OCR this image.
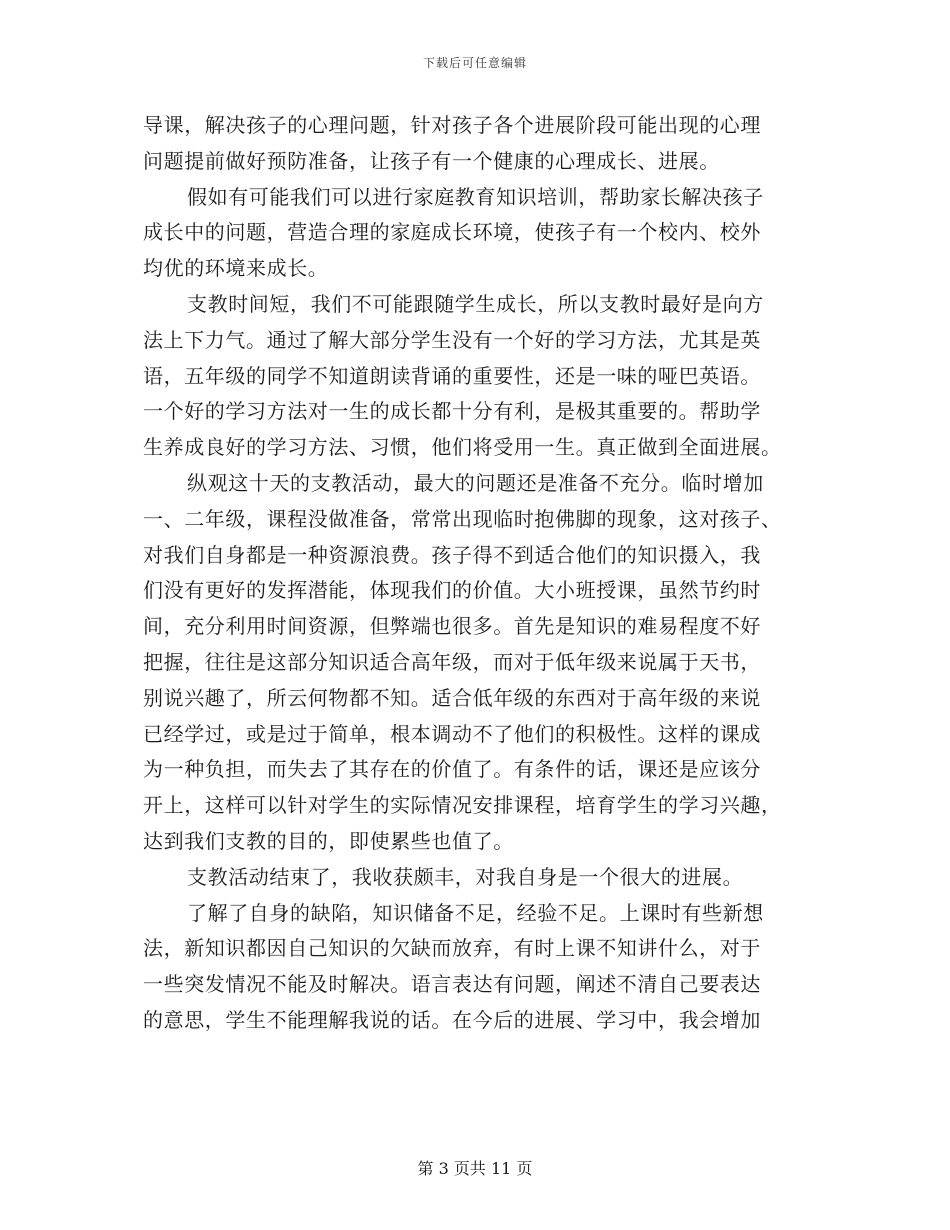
下载后可任意编辑
导课，解决孩子的心理问题，针对孩子各个进展阶段可能出现的心理
问题提前做好预防准备，让孩子有一个健康的心理成长、进展。
假如有可能我们可以进行家庭教育知识培训，帮助家长解决孩子
成长中的问题，营造合理的家庭成长环境，使孩子有一个校内、校外
均优的环境来成长。
支教时间短，我们不可能跟随学生成长，所以支教时最好是向方
法上下力气。通过了解大部分学生没有一个好的学习方法，尤其是英
语，五年级的同学不知道朗读背诵的重要性，还是一味的哑巴英语。
一个好的学习方法对一生的成长都十分有利，是极其重要的。帮助学
生养成良好的学习方法、习惯，他们将受用一生。真正做到全面进展。
纵观这十天的支教活动，最大的问题还是准备不充分。临时增加
一、二年级，课程没做准备，常常出现临时抱佛脚的现象，这对孩子、
对我们自身都是一种资源浪费。孩子得不到适合他们的知识摄入，我
们没有更好的发挥潜能，体现我们的价值。大小班授课，虽然节约时
间，充分利用时间资源，但弊端也很多。首先是知识的难易程度不好
把握，往往是这部分知识适合高年级，而对于低年级来说属于天书，
别说兴趣了，所云何物都不知。适合低年级的东西对于高年级的来说
已经学过，或是过于简单，根本调动不了他们的积极性。这样的课成
为一种负担，而失去了其存在的价值了。有条件的话，课还是应该分
开上，这样可以针对学生的实际情况安排课程，培育学生的学习兴趣，
达到我们支教的目的，即使累些也值了。
支教活动结束了，我收获颇丰，对我自身是一个很大的进展。
了解了自身的缺陷，知识储备不足，经验不足。上课时有些新想
法，新知识都因自己知识的欠缺而放弃，有时上课不知讲什么，对于
一些突发情况不能及时解决。语言表达有问题，阐述不清自己要表达
的意思，学生不能理解我说的话。在今后的进展、学习中，我会增加
第 3 页共 11 页
